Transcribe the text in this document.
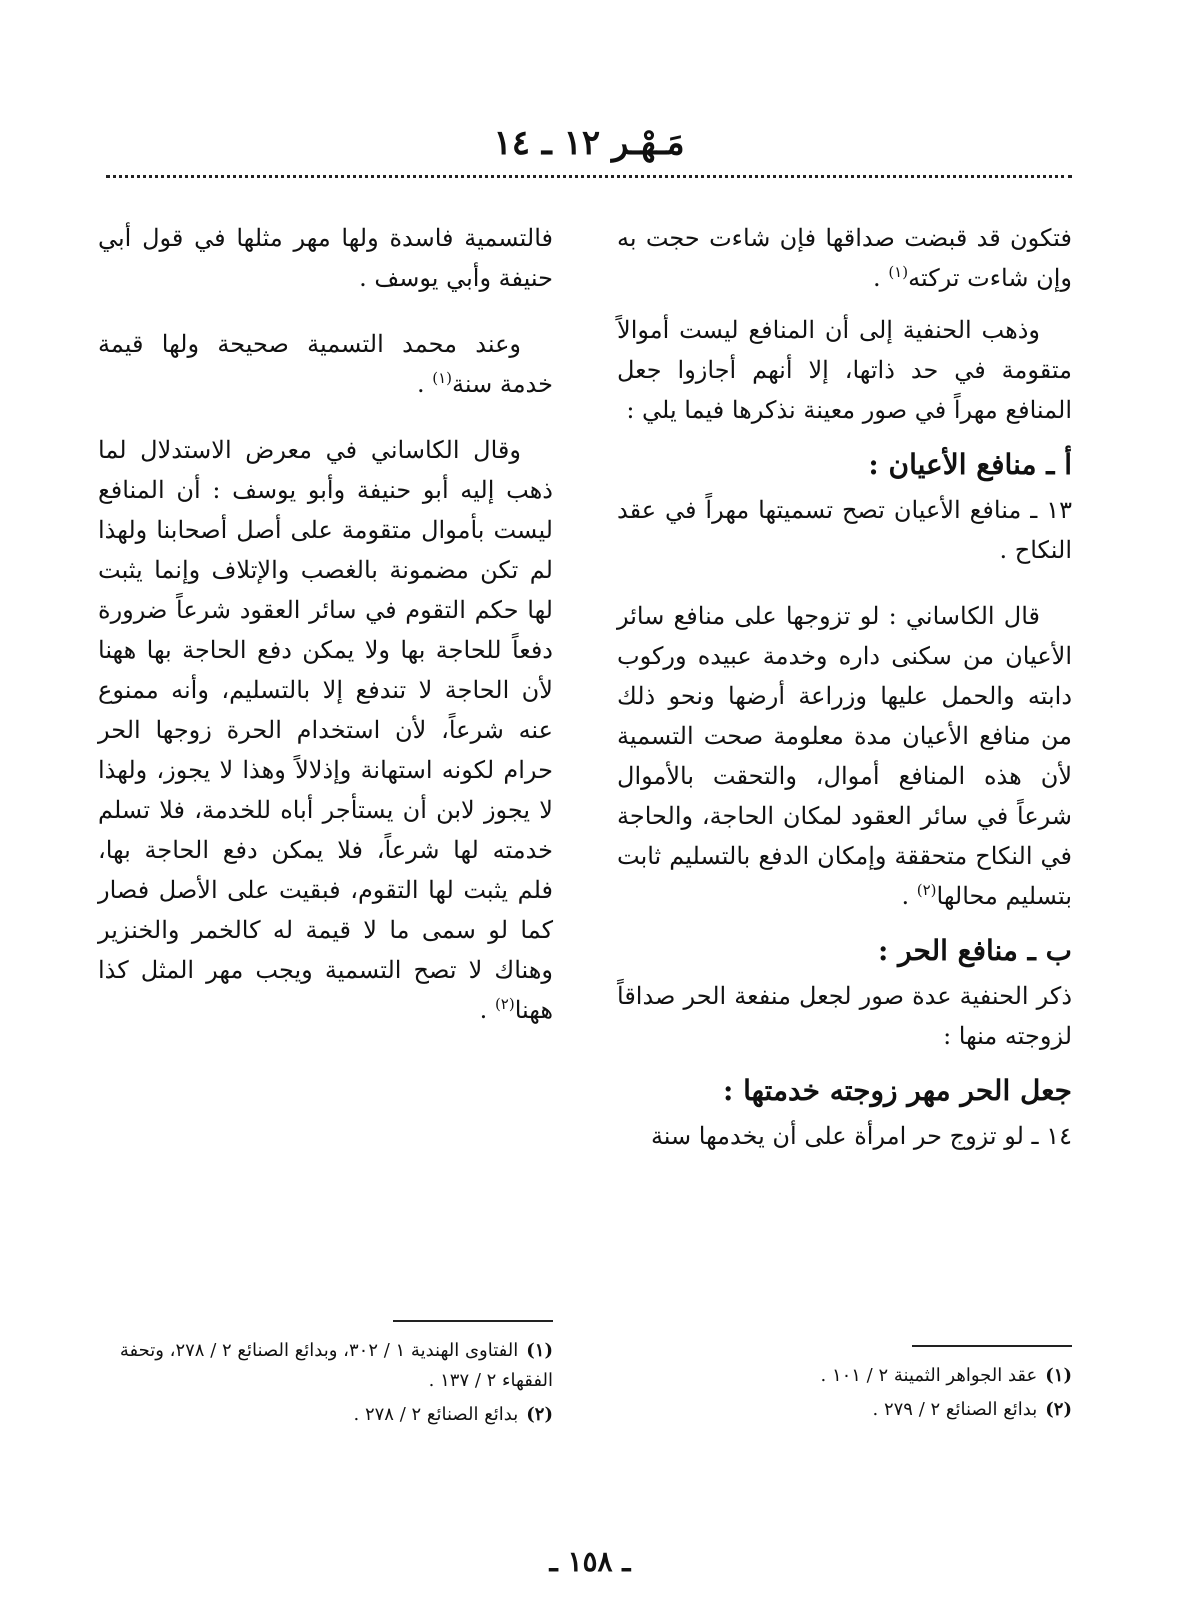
مَـهْـر ١٢ ـ ١٤

فتكون قد قبضت صداقها فإن شاءت حجت به وإن شاءت تركته$^{(١)}$ .

وذهب الحنفية إلى أن المنافع ليست أموالاً متقومة في حد ذاتها، إلا أنهم أجازوا جعل المنافع مهراً في صور معينة نذكرها فيما يلي :

أ ـ منافع الأعيان :

١٣ ـ منافع الأعيان تصح تسميتها مهراً في عقد النكاح .

قال الكاساني : لو تزوجها على منافع سائر الأعيان من سكنى داره وخدمة عبيده وركوب دابته والحمل عليها وزراعة أرضها ونحو ذلك من منافع الأعيان مدة معلومة صحت التسمية لأن هذه المنافع أموال، والتحقت بالأموال شرعاً في سائر العقود لمكان الحاجة، والحاجة في النكاح متحققة وإمكان الدفع بالتسليم ثابت بتسليم محالها$^{(٢)}$ .

ب ـ منافع الحر :

ذكر الحنفية عدة صور لجعل منفعة الحر صداقاً لزوجته منها :

جعل الحر مهر زوجته خدمتها :

١٤ ـ لو تزوج حر امرأة على أن يخدمها سنة

فالتسمية فاسدة ولها مهر مثلها في قول أبي حنيفة وأبي يوسف .

وعند محمد التسمية صحيحة ولها قيمة خدمة سنة$^{(١)}$ .

وقال الكاساني في معرض الاستدلال لما ذهب إليه أبو حنيفة وأبو يوسف : أن المنافع ليست بأموال متقومة على أصل أصحابنا ولهذا لم تكن مضمونة بالغصب والإتلاف وإنما يثبت لها حكم التقوم في سائر العقود شرعاً ضرورة دفعاً للحاجة بها ولا يمكن دفع الحاجة بها ههنا لأن الحاجة لا تندفع إلا بالتسليم، وأنه ممنوع عنه شرعاً، لأن استخدام الحرة زوجها الحر حرام لكونه استهانة وإذلالاً وهذا لا يجوز، ولهذا لا يجوز لابن أن يستأجر أباه للخدمة، فلا تسلم خدمته لها شرعاً، فلا يمكن دفع الحاجة بها، فلم يثبت لها التقوم، فبقيت على الأصل فصار كما لو سمى ما لا قيمة له كالخمر والخنزير وهناك لا تصح التسمية ويجب مهر المثل كذا ههنا$^{(٢)}$ .

(١)عقد الجواهر الثمينة ٢ / ١٠١ .
(٢)بدائع الصنائع ٢ / ٢٧٩ .
(١)الفتاوى الهندية ١ / ٣٠٢، وبدائع الصنائع ٢ / ٢٧٨، وتحفة الفقهاء ٢ / ١٣٧ .
(٢)بدائع الصنائع ٢ / ٢٧٨ .
ـ ١٥٨ ـ
